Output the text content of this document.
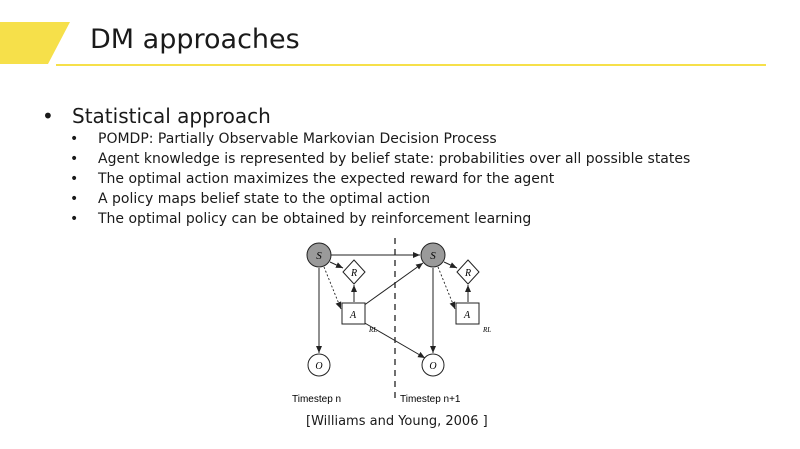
DM approaches
• Statistical approach
• POMDP: Partially Observable Markovian Decision Process
• Agent knowledge is represented by belief state: probabilities over all possible states
• The optimal action maximizes the expected reward for the agent
• A policy maps belief state to the optimal action
• The optimal policy can be obtained by reinforcement learning
S
R
A
RL
O
Timestep n
S
R
A
RL
O
Timestep n+1
[Williams and Young, 2006 ]
